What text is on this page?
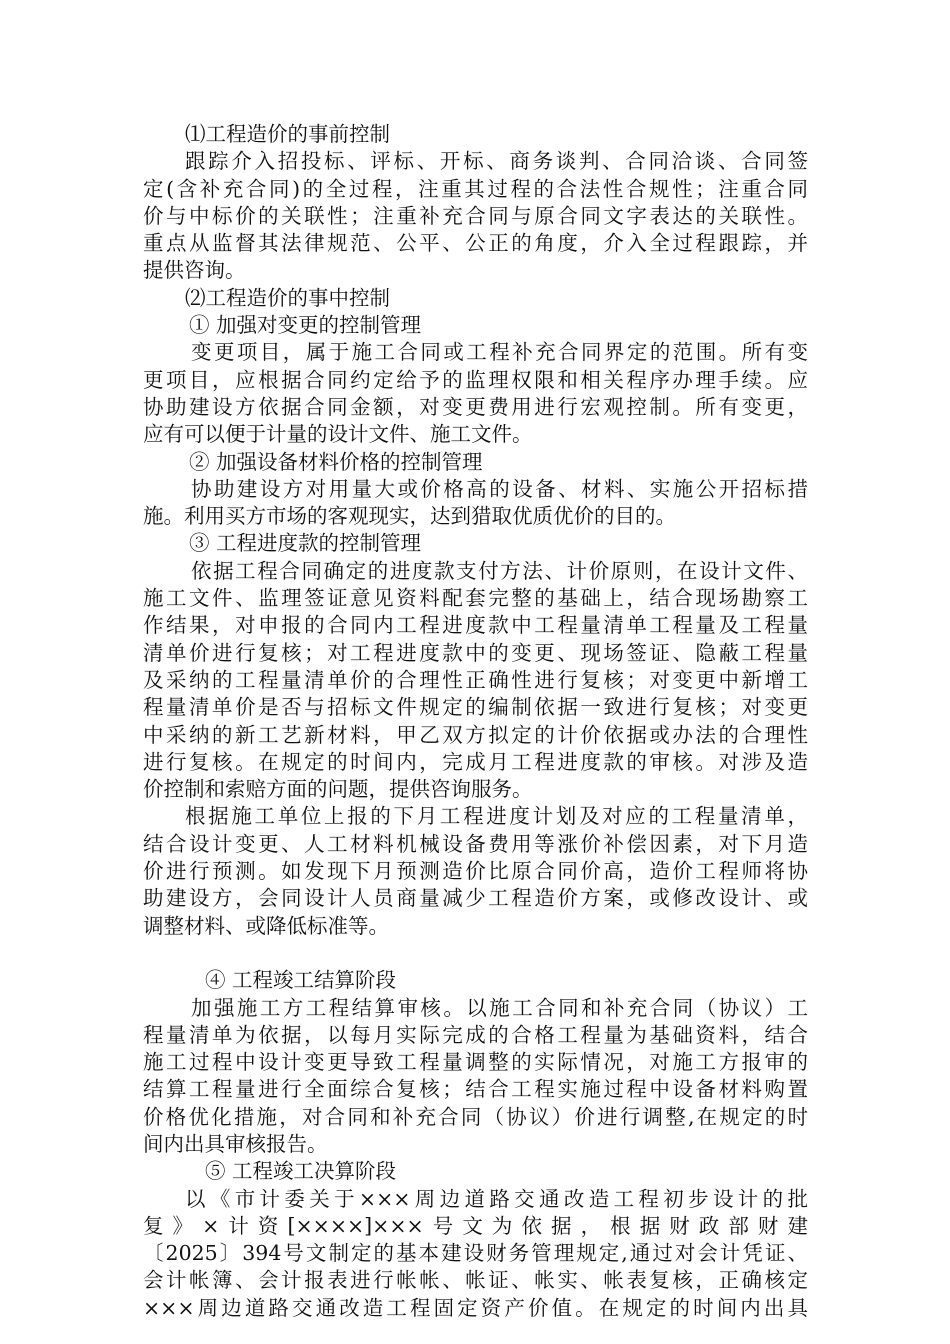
⑴工程造价的事前控制
跟踪介入招投标、评标、开标、商务谈判、合同洽谈、合同签
定(含补充合同)的全过程，注重其过程的合法性合规性；注重合同
价与中标价的关联性；注重补充合同与原合同文字表达的关联性。
重点从监督其法律规范、公平、公正的角度，介入全过程跟踪，并
提供咨询。
⑵工程造价的事中控制
① 加强对变更的控制管理
变更项目，属于施工合同或工程补充合同界定的范围。所有变
更项目，应根据合同约定给予的监理权限和相关程序办理手续。应
协助建设方依据合同金额，对变更费用进行宏观控制。所有变更，
应有可以便于计量的设计文件、施工文件。
② 加强设备材料价格的控制管理
协助建设方对用量大或价格高的设备、材料、实施公开招标措
施。利用买方市场的客观现实，达到猎取优质优价的目的。
③ 工程进度款的控制管理
依据工程合同确定的进度款支付方法、计价原则，在设计文件、
施工文件、监理签证意见资料配套完整的基础上，结合现场勘察工
作结果，对申报的合同内工程进度款中工程量清单工程量及工程量
清单价进行复核；对工程进度款中的变更、现场签证、隐蔽工程量
及采纳的工程量清单价的合理性正确性进行复核；对变更中新增工
程量清单价是否与招标文件规定的编制依据一致进行复核；对变更
中采纳的新工艺新材料，甲乙双方拟定的计价依据或办法的合理性
进行复核。在规定的时间内，完成月工程进度款的审核。对涉及造
价控制和索赔方面的问题，提供咨询服务。
根据施工单位上报的下月工程进度计划及对应的工程量清单，
结合设计变更、人工材料机械设备费用等涨价补偿因素，对下月造
价进行预测。如发现下月预测造价比原合同价高，造价工程师将协
助建设方，会同设计人员商量减少工程造价方案，或修改设计、或
调整材料、或降低标准等。
④ 工程竣工结算阶段
加强施工方工程结算审核。以施工合同和补充合同（协议）工
程量清单为依据，以每月实际完成的合格工程量为基础资料，结合
施工过程中设计变更导致工程量调整的实际情况，对施工方报审的
结算工程量进行全面综合复核；结合工程实施过程中设备材料购置
价格优化措施，对合同和补充合同（协议）价进行调整,在规定的时
间内出具审核报告。
⑤ 工程竣工决算阶段
以《市计委关于×××周边道路交通改造工程初步设计的批
复》×计资[××××]×××号文为依据，根据财政部财建
〔2025〕394号文制定的基本建设财务管理规定,通过对会计凭证、
会计帐簿、会计报表进行帐帐、帐证、帐实、帐表复核，正确核定
×××周边道路交通改造工程固定资产价值。在规定的时间内出具
